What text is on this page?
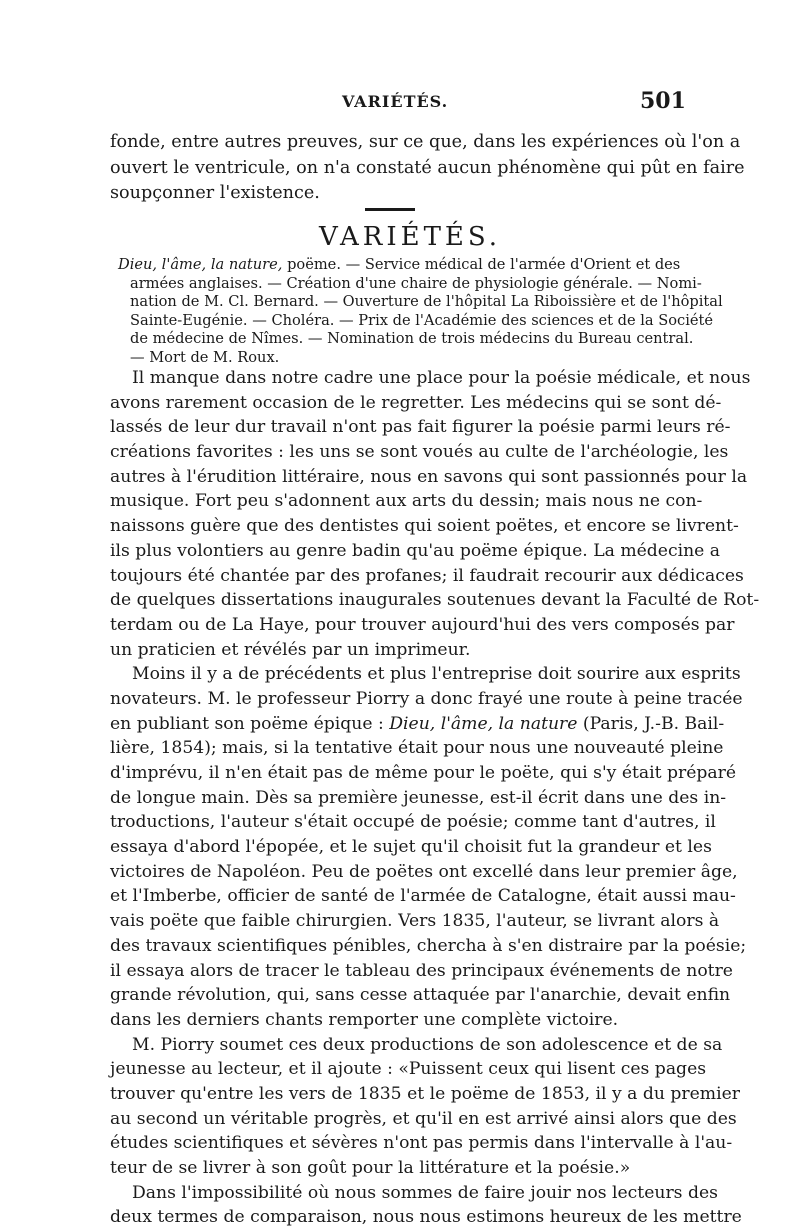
VARIÉTÉS.	501
fonde, entre autres preuves, sur ce que, dans les expériences où l'on a
ouvert le ventricule, on n'a constaté aucun phénomène qui pût en faire
soupçonner l'existence.
VARIÉTÉS.
Dieu, l'âme, la nature, poëme. — Service médical de l'armée d'Orient et des
armées anglaises. — Création d'une chaire de physiologie générale. — Nomi-
nation de M. Cl. Bernard. — Ouverture de l'hôpital La Riboissière et de l'hôpital
Sainte-Eugénie. — Choléra. — Prix de l'Académie des sciences et de la Société
de médecine de Nîmes. — Nomination de trois médecins du Bureau central.
— Mort de M. Roux.
Il manque dans notre cadre une place pour la poésie médicale, et nous
avons rarement occasion de le regretter. Les médecins qui se sont dé-
lassés de leur dur travail n'ont pas fait figurer la poésie parmi leurs ré-
créations favorites : les uns se sont voués au culte de l'archéologie, les
autres à l'érudition littéraire, nous en savons qui sont passionnés pour la
musique. Fort peu s'adonnent aux arts du dessin; mais nous ne con-
naissons guère que des dentistes qui soient poëtes, et encore se livrent-
ils plus volontiers au genre badin qu'au poëme épique. La médecine a
toujours été chantée par des profanes; il faudrait recourir aux dédicaces
de quelques dissertations inaugurales soutenues devant la Faculté de Rot-
terdam ou de La Haye, pour trouver aujourd'hui des vers composés par
un praticien et révélés par un imprimeur.
Moins il y a de précédents et plus l'entreprise doit sourire aux esprits
novateurs. M. le professeur Piorry a donc frayé une route à peine tracée
en publiant son poëme épique : Dieu, l'âme, la nature (Paris, J.-B. Bail-
lière, 1854); mais, si la tentative était pour nous une nouveauté pleine
d'imprévu, il n'en était pas de même pour le poëte, qui s'y était préparé
de longue main. Dès sa première jeunesse, est-il écrit dans une des in-
troductions, l'auteur s'était occupé de poésie; comme tant d'autres, il
essaya d'abord l'épopée, et le sujet qu'il choisit fut la grandeur et les
victoires de Napoléon. Peu de poëtes ont excellé dans leur premier âge,
et l'Imberbe, officier de santé de l'armée de Catalogne, était aussi mau-
vais poëte que faible chirurgien. Vers 1835, l'auteur, se livrant alors à
des travaux scientifiques pénibles, chercha à s'en distraire par la poésie;
il essaya alors de tracer le tableau des principaux événements de notre
grande révolution, qui, sans cesse attaquée par l'anarchie, devait enfin
dans les derniers chants remporter une complète victoire.
M. Piorry soumet ces deux productions de son adolescence et de sa
jeunesse au lecteur, et il ajoute : «Puissent ceux qui lisent ces pages
trouver qu'entre les vers de 1835 et le poëme de 1853, il y a du premier
au second un véritable progrès, et qu'il en est arrivé ainsi alors que des
études scientifiques et sévères n'ont pas permis dans l'intervalle à l'au-
teur de se livrer à son goût pour la littérature et la poésie.»
Dans l'impossibilité où nous sommes de faire jouir nos lecteurs des
deux termes de comparaison, nous nous estimons heureux de les mettre
